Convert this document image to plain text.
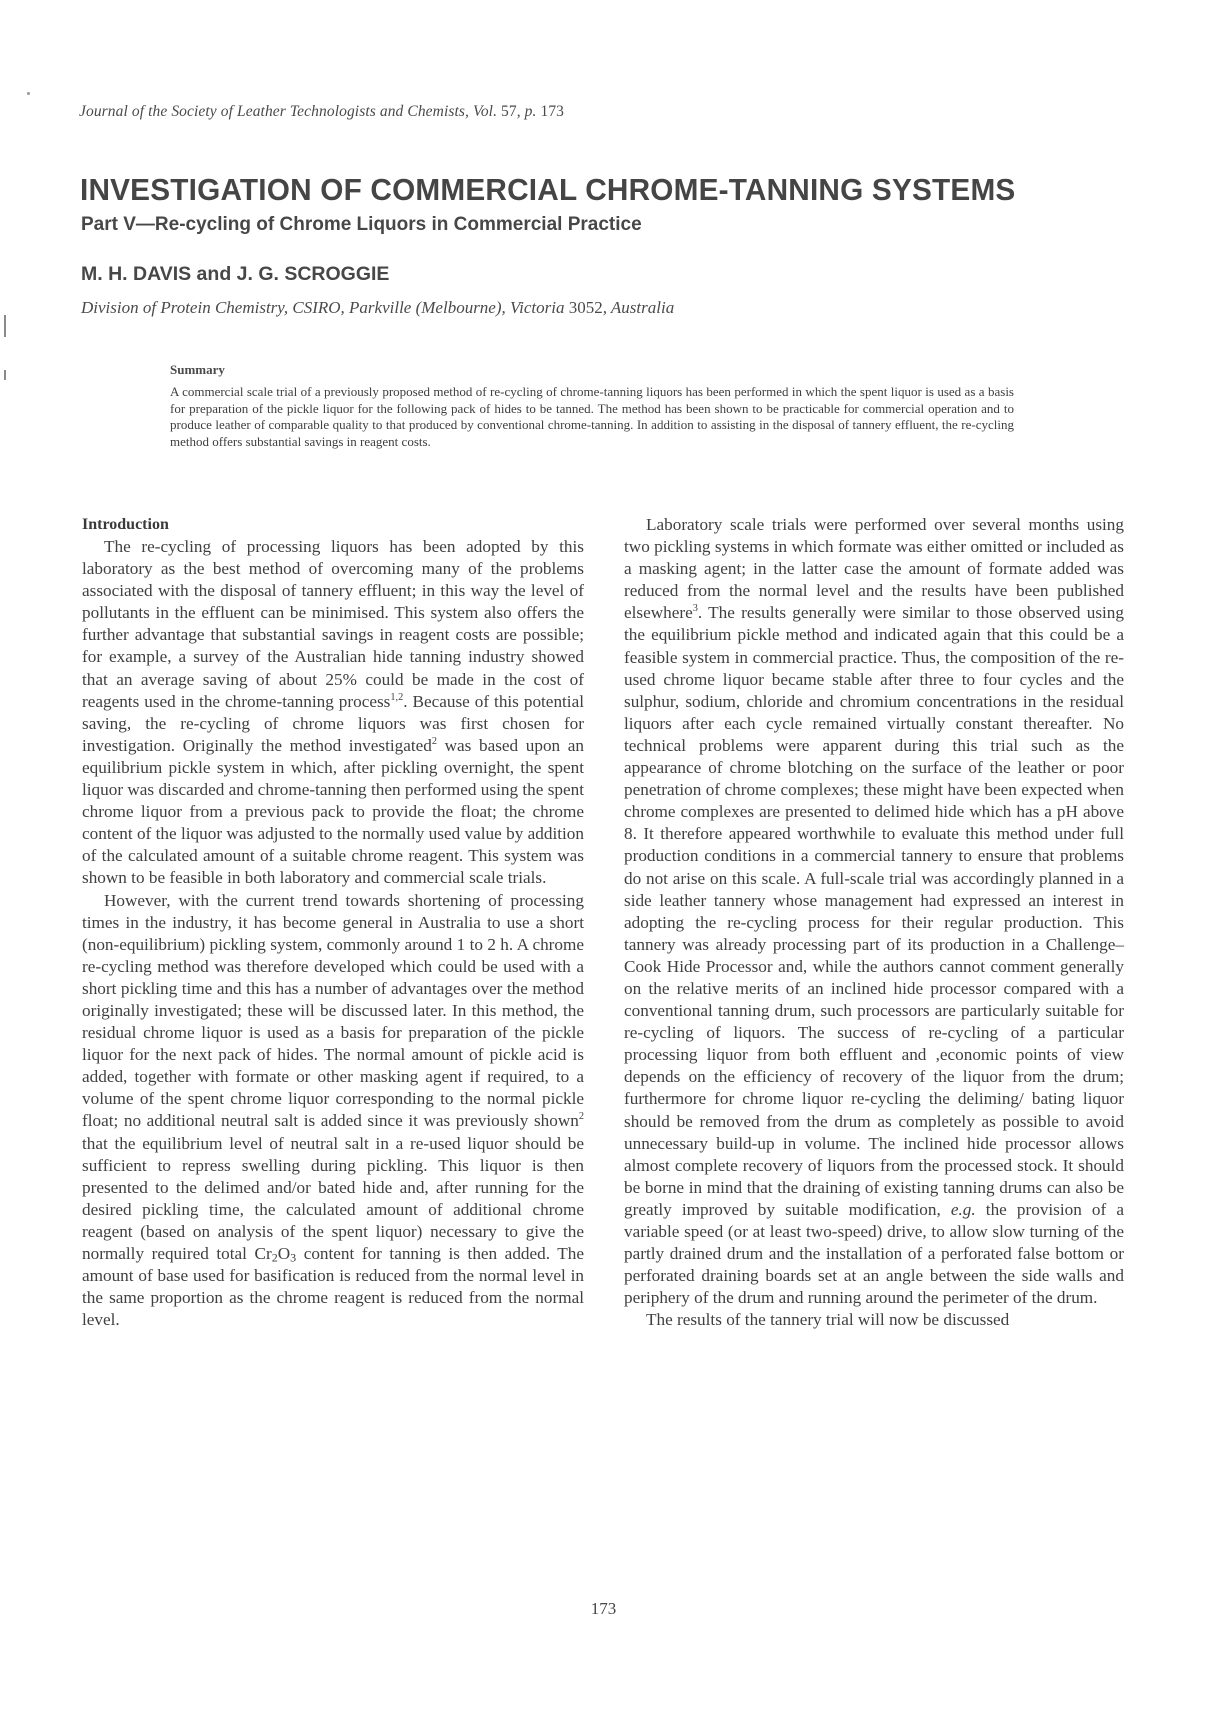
Journal of the Society of Leather Technologists and Chemists, Vol. 57, p. 173
INVESTIGATION OF COMMERCIAL CHROME-TANNING SYSTEMS
Part V—Re-cycling of Chrome Liquors in Commercial Practice
M. H. DAVIS and J. G. SCROGGIE
Division of Protein Chemistry, CSIRO, Parkville (Melbourne), Victoria 3052, Australia
Summary
A commercial scale trial of a previously proposed method of re-cycling of chrome-tanning liquors has been performed in which the spent liquor is used as a basis for preparation of the pickle liquor for the following pack of hides to be tanned. The method has been shown to be practicable for commercial operation and to produce leather of comparable quality to that produced by conventional chrome-tanning. In addition to assisting in the disposal of tannery effluent, the re-cycling method offers substantial savings in reagent costs.
Introduction

The re-cycling of processing liquors has been adopted by this laboratory as the best method of overcoming many of the problems associated with the disposal of tannery effluent; in this way the level of pollutants in the effluent can be minimised. This system also offers the further advantage that substantial savings in reagent costs are possible; for example, a survey of the Australian hide tanning industry showed that an average saving of about 25% could be made in the cost of reagents used in the chrome-tanning process$^{1,2}$. Because of this potential saving, the re-cycling of chrome liquors was first chosen for investigation. Originally the method investigated$^2$ was based upon an equilibrium pickle system in which, after pickling overnight, the spent liquor was discarded and chrome-tanning then performed using the spent chrome liquor from a previous pack to provide the float; the chrome content of the liquor was adjusted to the normally used value by addition of the calculated amount of a suitable chrome reagent. This system was shown to be feasible in both laboratory and commercial scale trials.

However, with the current trend towards shortening of processing times in the industry, it has become general in Australia to use a short (non-equilibrium) pickling system, commonly around 1 to 2 h. A chrome re-cycling method was therefore developed which could be used with a short pickling time and this has a number of advantages over the method originally investigated; these will be discussed later. In this method, the residual chrome liquor is used as a basis for preparation of the pickle liquor for the next pack of hides. The normal amount of pickle acid is added, together with formate or other masking agent if required, to a volume of the spent chrome liquor corresponding to the normal pickle float; no additional neutral salt is added since it was previously shown$^2$ that the equilibrium level of neutral salt in a re-used liquor should be sufficient to repress swelling during pickling. This liquor is then presented to the delimed and/or bated hide and, after running for the desired pickling time, the calculated amount of additional chrome reagent (based on analysis of the spent liquor) necessary to give the normally required total $Cr_2O_3$ content for tanning is then added. The amount of base used for basification is reduced from the normal level in the same proportion as the chrome reagent is reduced from the normal level.

Laboratory scale trials were performed over several months using two pickling systems in which formate was either omitted or included as a masking agent; in the latter case the amount of formate added was reduced from the normal level and the results have been published elsewhere$^3$. The results generally were similar to those observed using the equilibrium pickle method and indicated again that this could be a feasible system in commercial practice. Thus, the composition of the re-used chrome liquor became stable after three to four cycles and the sulphur, sodium, chloride and chromium concentrations in the residual liquors after each cycle remained virtually constant thereafter. No technical problems were apparent during this trial such as the appearance of chrome blotching on the surface of the leather or poor penetration of chrome complexes; these might have been expected when chrome complexes are presented to delimed hide which has a pH above 8. It therefore appeared worthwhile to evaluate this method under full production conditions in a commercial tannery to ensure that problems do not arise on this scale. A full-scale trial was accordingly planned in a side leather tannery whose management had expressed an interest in adopting the re-cycling process for their regular production. This tannery was already processing part of its production in a Challenge–Cook Hide Processor and, while the authors cannot comment generally on the relative merits of an inclined hide processor compared with a conventional tanning drum, such processors are particularly suitable for re-cycling of liquors. The success of re-cycling of a particular processing liquor from both effluent and ,economic points of view depends on the efficiency of recovery of the liquor from the drum; furthermore for chrome liquor re-cycling the deliming/ bating liquor should be removed from the drum as completely as possible to avoid unnecessary build-up in volume. The inclined hide processor allows almost complete recovery of liquors from the processed stock. It should be borne in mind that the draining of existing tanning drums can also be greatly improved by suitable modification, e.g. the provision of a variable speed (or at least two-speed) drive, to allow slow turning of the partly drained drum and the installation of a perforated false bottom or perforated draining boards set at an angle between the side walls and periphery of the drum and running around the perimeter of the drum.

The results of the tannery trial will now be discussed

173
